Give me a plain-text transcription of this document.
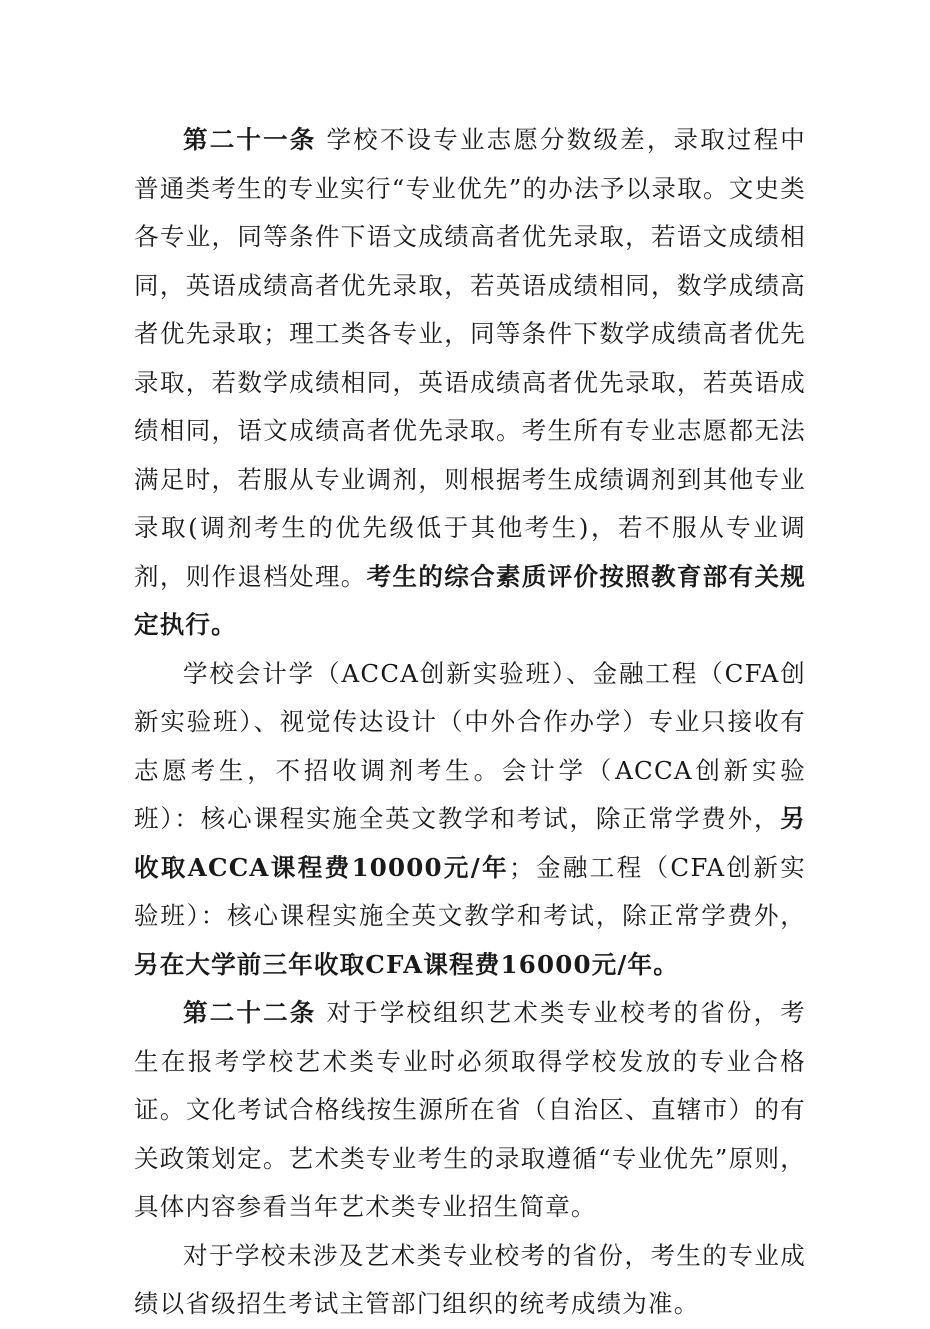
第二十一条 学校不设专业志愿分数级差，录取过程中普通类考生的专业实行“专业优先”的办法予以录取。文史类各专业，同等条件下语文成绩高者优先录取，若语文成绩相同，英语成绩高者优先录取，若英语成绩相同，数学成绩高者优先录取；理工类各专业，同等条件下数学成绩高者优先录取，若数学成绩相同，英语成绩高者优先录取，若英语成绩相同，语文成绩高者优先录取。考生所有专业志愿都无法满足时，若服从专业调剂，则根据考生成绩调剂到其他专业录取(调剂考生的优先级低于其他考生)，若不服从专业调剂，则作退档处理。考生的综合素质评价按照教育部有关规定执行。

学校会计学（ACCA创新实验班）、金融工程（CFA创新实验班）、视觉传达设计（中外合作办学）专业只接收有志愿考生，不招收调剂考生。会计学（ACCA创新实验班）：核心课程实施全英文教学和考试，除正常学费外，另收取ACCA课程费10000元/年；金融工程（CFA创新实验班）：核心课程实施全英文教学和考试，除正常学费外，另在大学前三年收取CFA课程费16000元/年。

第二十二条 对于学校组织艺术类专业校考的省份，考生在报考学校艺术类专业时必须取得学校发放的专业合格证。文化考试合格线按生源所在省（自治区、直辖市）的有关政策划定。艺术类专业考生的录取遵循“专业优先”原则，具体内容参看当年艺术类专业招生简章。

对于学校未涉及艺术类专业校考的省份，考生的专业成绩以省级招生考试主管部门组织的统考成绩为准。
